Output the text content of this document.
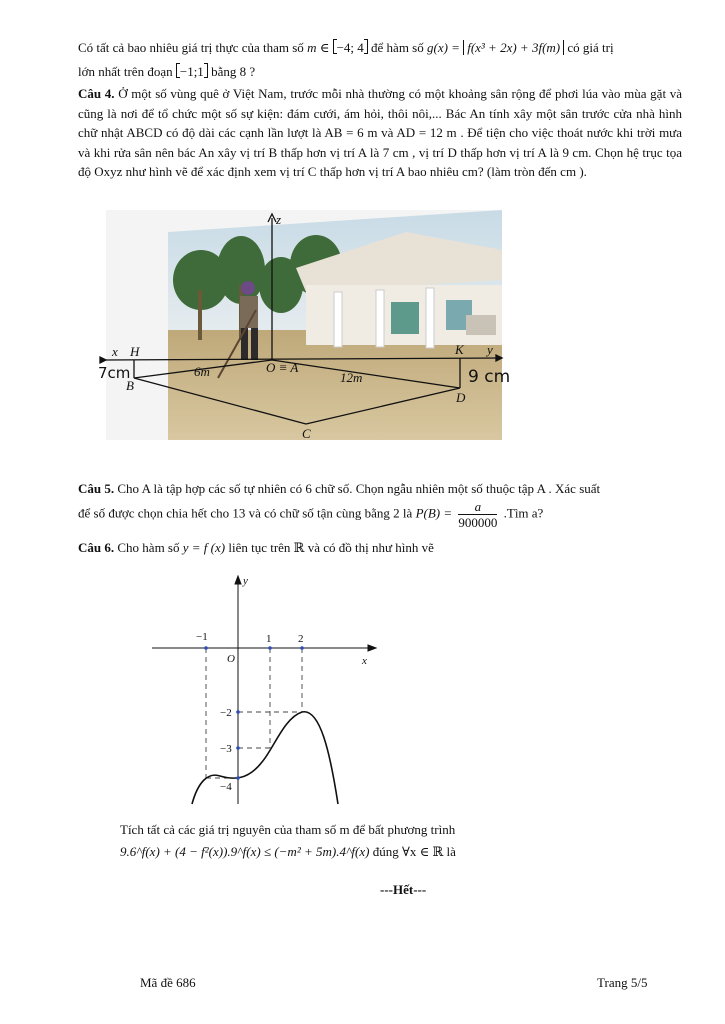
Có tất cả bao nhiêu giá trị thực của tham số m ∈ −4; 4 để hàm số g(x) = f(x³ + 2x) + 3f(m) có giá trị

lớn nhất trên đoạn −1;1 bằng 8 ?

Câu 4. Ở một số vùng quê ở Việt Nam, trước mỗi nhà thường có một khoảng sân rộng để phơi lúa vào mùa gặt và cũng là nơi để tổ chức một số sự kiện: đám cưới, ám hỏi, thôi nôi,... Bác An tính xây một sân trước cửa nhà hình chữ nhật ABCD có độ dài các cạnh lần lượt là AB = 6 m và AD = 12 m . Để tiện cho việc thoát nước khi trời mưa và khi rửa sân nên bác An xây vị trí B thấp hơn vị trí A là 7 cm , vị trí D thấp hơn vị trí A là 9 cm. Chọn hệ trục tọa độ Oxyz như hình vẽ để xác định xem vị trí C thấp hơn vị trí A bao nhiêu cm? (làm tròn đến cm ).

z
x H	K y
B
C
D
O ≡ A
6m	12m
7cm	9 cm

Câu 5. Cho A là tập hợp các số tự nhiên có 6 chữ số. Chọn ngẫu nhiên một số thuộc tập A . Xác suất

để số được chọn chia hết cho 13 và có chữ số tận cùng bằng 2 là $P(B) = \frac{a}{900000}$ .Tìm a?

Câu 6. Cho hàm số y = f (x) liên tục trên ℝ và có đồ thị như hình vẽ

y
x
O
−1	1 2
−2
−3
−4

Tích tất cả các giá trị nguyên của tham số m để bất phương trình

9.6^f(x) + (4 − f²(x)).9^f(x) ≤ (−m² + 5m).4^f(x) đúng ∀x ∈ ℝ là

---Hết---
Mã đề 686	Trang 5/5
